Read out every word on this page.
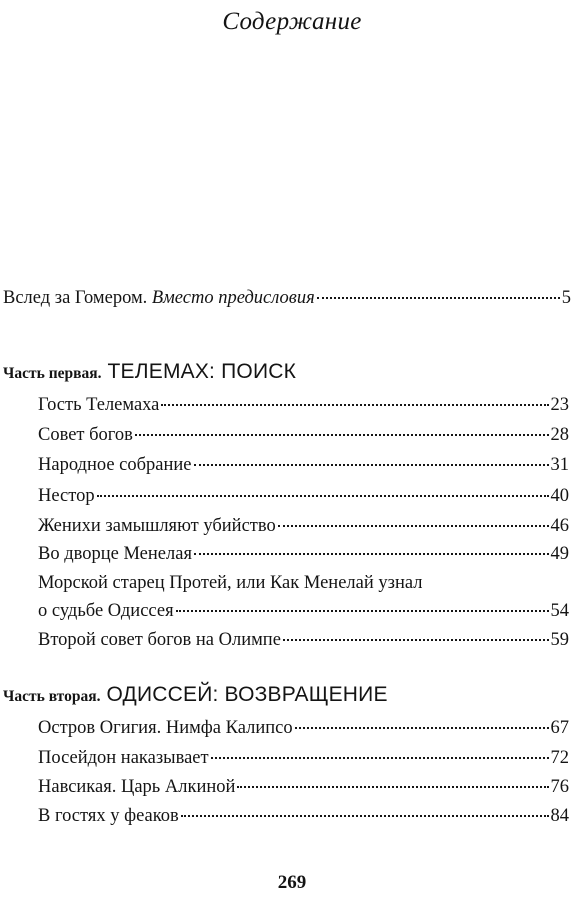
Содержание
Вслед за Гомером. Вместо предисловия	5
Часть первая . ТЕЛЕМАХ: ПОИСК
Гость Телемаха	23
Совет богов	28
Народное собрание	31
Нестор	40
Женихи замышляют убийство	46
Во дворце Менелая	49
Морской старец Протей, или Как Менелай узнал
о судьбе Одиссея	54
Второй совет богов на Олимпе	59
Часть вторая . ОДИССЕЙ: ВОЗВРАЩЕНИЕ
Остров Огигия. Нимфа Калипсо	67
Посейдон наказывает	72
Навсикая. Царь Алкиной	76
В гостях у феаков	84
269
